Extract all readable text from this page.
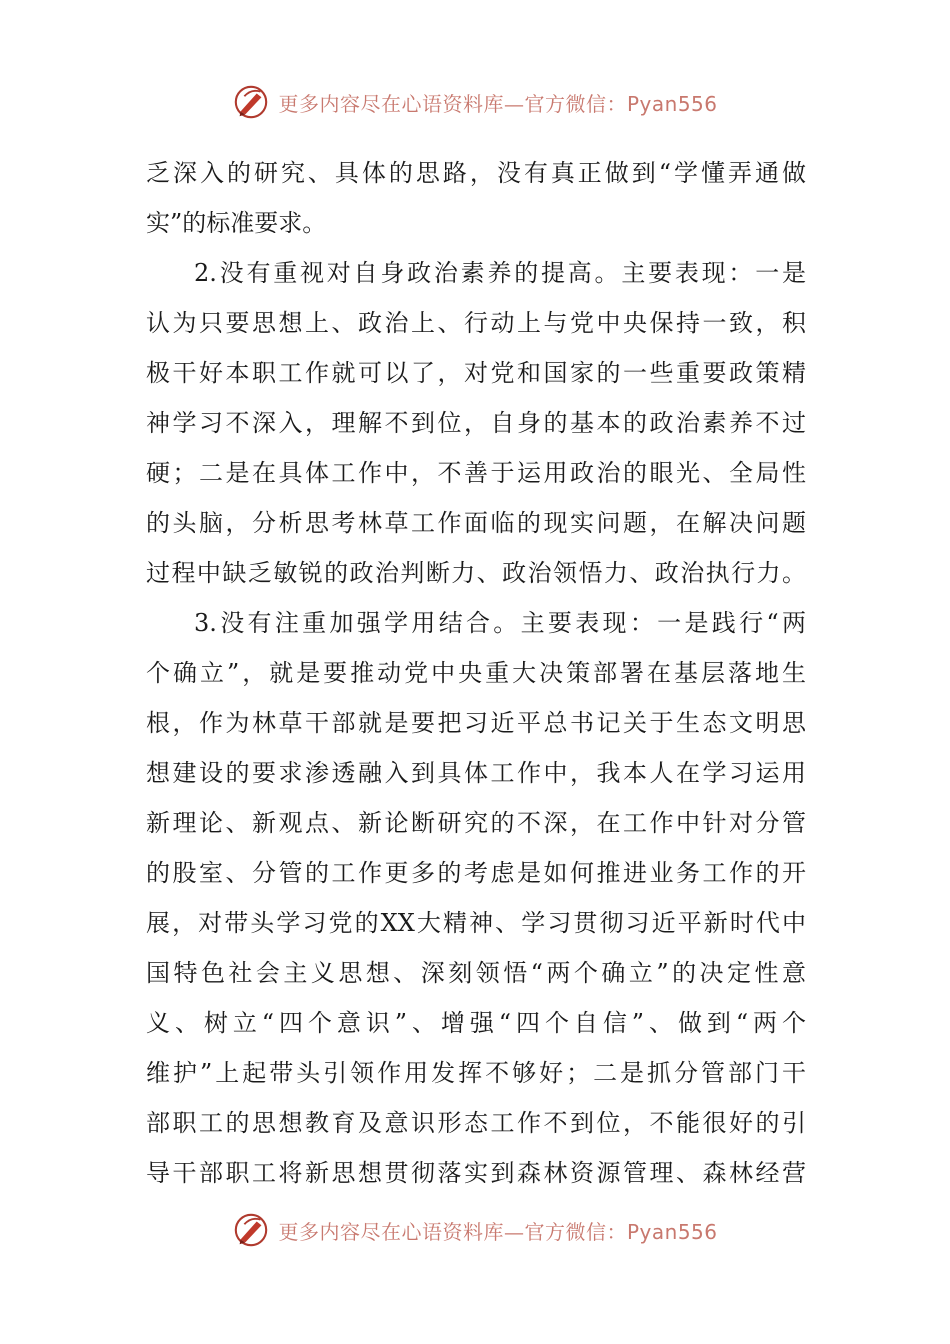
更多内容尽在心语资料库—官方微信：Pyan556
乏深入的研究、具体的思路，没有真正做到“学懂弄通做
实”的标准要求。
2.没有重视对自身政治素养的提高。主要表现：一是
认为只要思想上、政治上、行动上与党中央保持一致，积
极干好本职工作就可以了，对党和国家的一些重要政策精
神学习不深入，理解不到位，自身的基本的政治素养不过
硬；二是在具体工作中，不善于运用政治的眼光、全局性
的头脑，分析思考林草工作面临的现实问题，在解决问题
过程中缺乏敏锐的政治判断力、政治领悟力、政治执行力。
3.没有注重加强学用结合。主要表现：一是践行“两
个确立”，就是要推动党中央重大决策部署在基层落地生
根，作为林草干部就是要把习近平总书记关于生态文明思
想建设的要求渗透融入到具体工作中，我本人在学习运用
新理论、新观点、新论断研究的不深，在工作中针对分管
的股室、分管的工作更多的考虑是如何推进业务工作的开
展，对带头学习党的XX大精神、学习贯彻习近平新时代中
国特色社会主义思想、深刻领悟“两个确立”的决定性意
义、树立“四个意识”、增强“四个自信”、做到“两个
维护”上起带头引领作用发挥不够好；二是抓分管部门干
部职工的思想教育及意识形态工作不到位，不能很好的引
导干部职工将新思想贯彻落实到森林资源管理、森林经营
更多内容尽在心语资料库—官方微信：Pyan556
